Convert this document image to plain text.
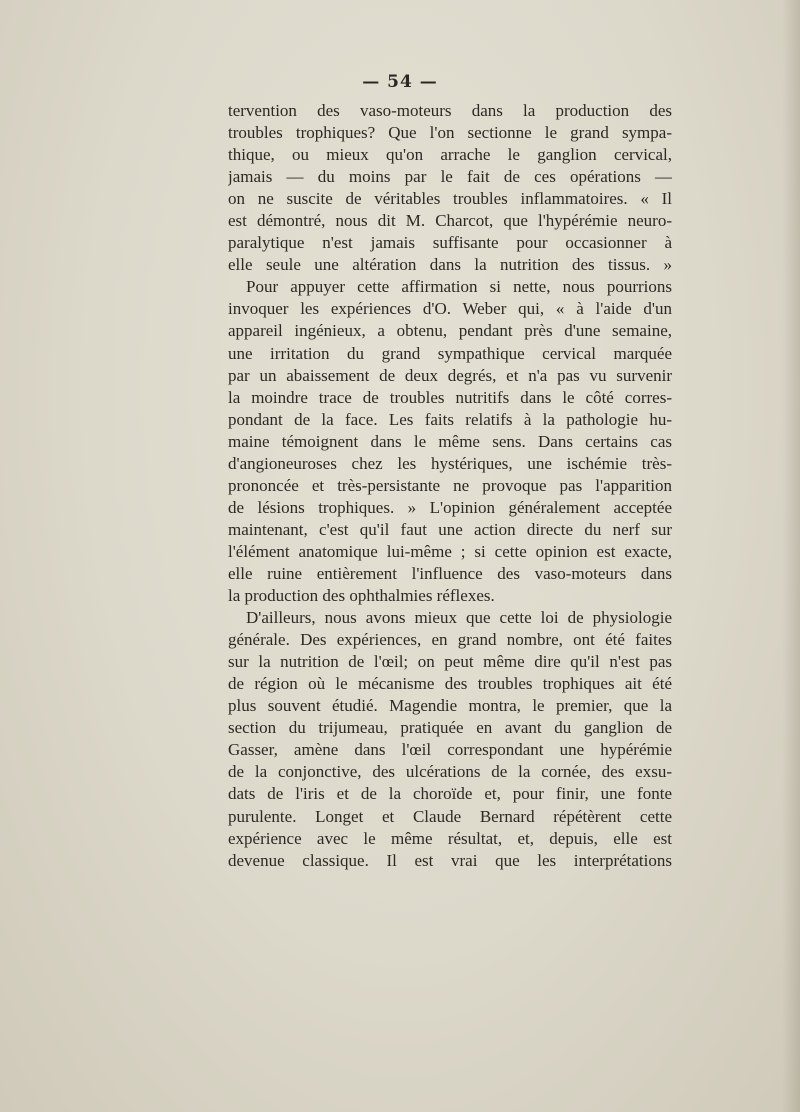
— 54 —
tervention des vaso-moteurs dans la production des
troubles trophiques? Que l'on sectionne le grand sympa-
thique, ou mieux qu'on arrache le ganglion cervical,
jamais — du moins par le fait de ces opérations —
on ne suscite de véritables troubles inflammatoires. « Il
est démontré, nous dit M. Charcot, que l'hypérémie neuro-
paralytique n'est jamais suffisante pour occasionner à
elle seule une altération dans la nutrition des tissus. »
Pour appuyer cette affirmation si nette, nous pourrions
invoquer les expériences d'O. Weber qui, « à l'aide d'un
appareil ingénieux, a obtenu, pendant près d'une semaine,
une irritation du grand sympathique cervical marquée
par un abaissement de deux degrés, et n'a pas vu survenir
la moindre trace de troubles nutritifs dans le côté corres-
pondant de la face. Les faits relatifs à la pathologie hu-
maine témoignent dans le même sens. Dans certains cas
d'angioneuroses chez les hystériques, une ischémie très-
prononcée et très-persistante ne provoque pas l'apparition
de lésions trophiques. » L'opinion généralement acceptée
maintenant, c'est qu'il faut une action directe du nerf sur
l'élément anatomique lui-même ; si cette opinion est exacte,
elle ruine entièrement l'influence des vaso-moteurs dans
la production des ophthalmies réflexes.
D'ailleurs, nous avons mieux que cette loi de physiologie
générale. Des expériences, en grand nombre, ont été faites
sur la nutrition de l'œil; on peut même dire qu'il n'est pas
de région où le mécanisme des troubles trophiques ait été
plus souvent étudié. Magendie montra, le premier, que la
section du trijumeau, pratiquée en avant du ganglion de
Gasser, amène dans l'œil correspondant une hypérémie
de la conjonctive, des ulcérations de la cornée, des exsu-
dats de l'iris et de la choroïde et, pour finir, une fonte
purulente. Longet et Claude Bernard répétèrent cette
expérience avec le même résultat, et, depuis, elle est
devenue classique. Il est vrai que les interprétations
